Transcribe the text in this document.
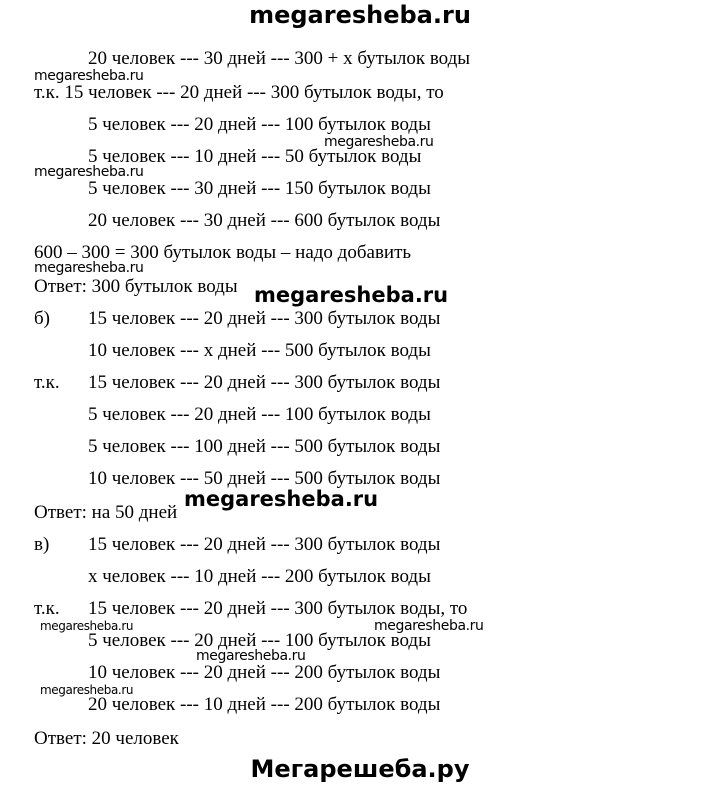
megaresheba.ru
20 человек --- 30 дней --- 300 + x бутылок воды
megaresheba.ru
т.к. 15 человек --- 20 дней --- 300 бутылок воды, то
5 человек --- 20 дней --- 100 бутылок воды
megaresheba.ru
5 человек --- 10 дней --- 50 бутылок воды
megaresheba.ru
5 человек --- 30 дней --- 150 бутылок воды
20 человек --- 30 дней --- 600 бутылок воды
600 – 300 = 300 бутылок воды – надо добавить
megaresheba.ru
Ответ: 300 бутылок воды megaresheba.ru
б) 15 человек --- 20 дней --- 300 бутылок воды
10 человек --- x дней --- 500 бутылок воды
т.к. 15 человек --- 20 дней --- 300 бутылок воды
5 человек --- 20 дней --- 100 бутылок воды
5 человек --- 100 дней --- 500 бутылок воды
10 человек --- 50 дней --- 500 бутылок воды
megaresheba.ru
Ответ: на 50 дней
в) 15 человек --- 20 дней --- 300 бутылок воды
x человек --- 10 дней --- 200 бутылок воды
т.к. 15 человек --- 20 дней --- 300 бутылок воды, то
megaresheba.ru	megaresheba.ru
5 человек --- 20 дней --- 100 бутылок воды
megaresheba.ru
10 человек --- 20 дней --- 200 бутылок воды
megaresheba.ru
20 человек --- 10 дней --- 200 бутылок воды
Ответ: 20 человек
Мегарешеба.ру
